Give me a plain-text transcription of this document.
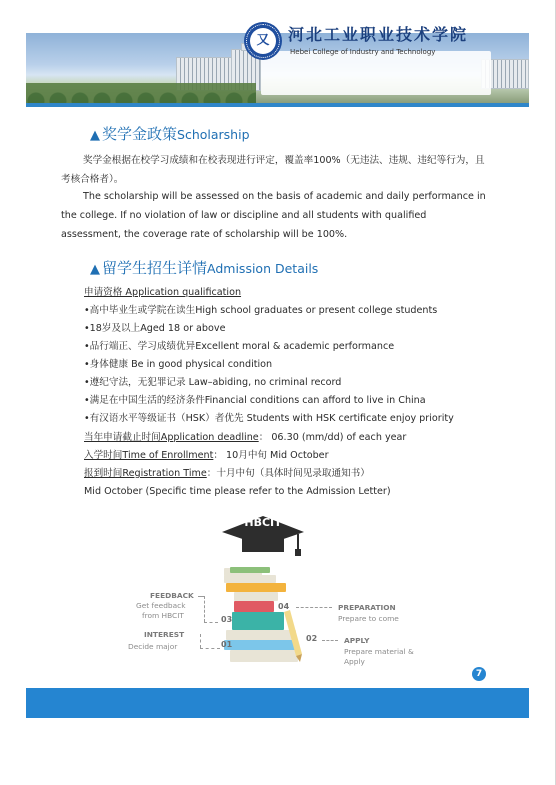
又	河北工业职业技术学院
Hebei College of Industry and Technology
▲ 奖学金政策Scholarship

奖学金根据在校学习成绩和在校表现进行评定，覆盖率100%（无违法、违规、违纪等行为，且考核合格者）。

The scholarship will be assessed on the basis of academic and daily performance in the college. If no violation of law or discipline and all students with qualified assessment, the coverage rate of scholarship will be 100%.

▲ 留学生招生详情Admission Details
申请资格 Application qualification
•高中毕业生或学院在读生High school graduates or present college students
•18岁及以上Aged 18 or above
•品行端正、学习成绩优异Excellent moral & academic performance
•身体健康 Be in good physical condition
•遵纪守法，无犯罪记录 Law–abiding, no criminal record
•满足在中国生活的经济条件Financial conditions can afford to live in China
•有汉语水平等级证书（HSK）者优先 Students with HSK certificate enjoy priority
当年申请截止时间Application deadline： 06.30 (mm/dd) of each year
入学时间Time of Enrollment： 10月中旬 Mid October
报到时间Registration Time：十月中旬（具体时间见录取通知书）
Mid October (Specific time please refer to the Admission Letter)
HBCIT
INTEREST
Decide major	01
FEEDBACK
Get feedback
from HBCIT	03
04	PREPARATION
Prepare to come
02	APPLY
Prepare material &
Apply
7
